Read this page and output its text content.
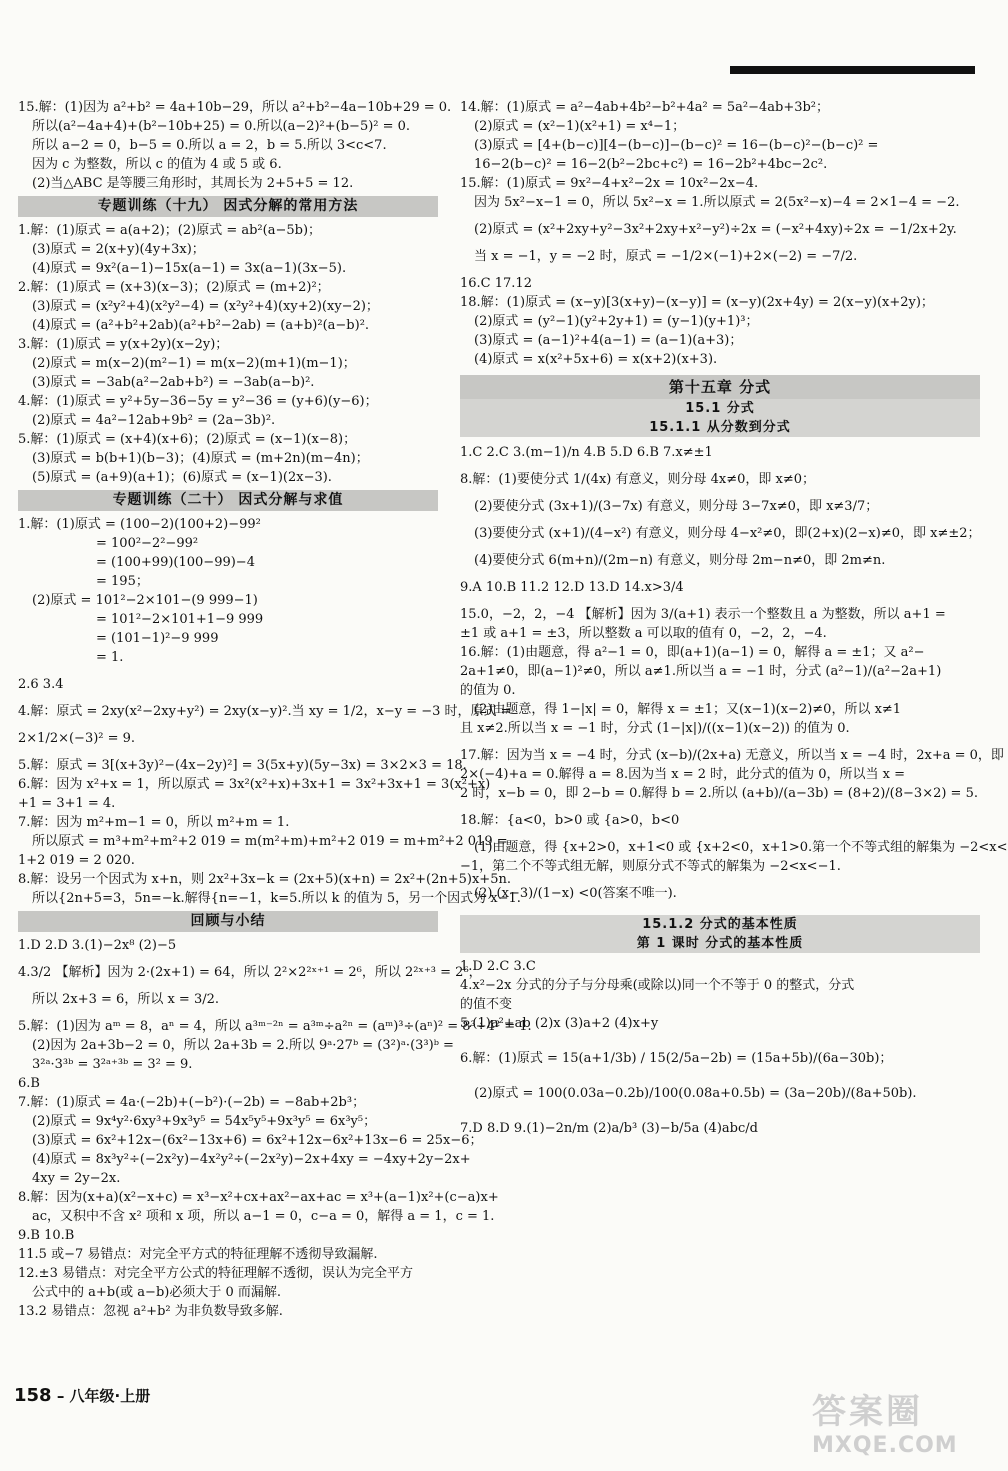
15.解：(1)因为 a²+b² = 4a+10b−29，所以 a²+b²−4a−10b+29 = 0.
所以(a²−4a+4)+(b²−10b+25) = 0.所以(a−2)²+(b−5)² = 0.
所以 a−2 = 0，b−5 = 0.所以 a = 2，b = 5.所以 3<c<7.
因为 c 为整数，所以 c 的值为 4 或 5 或 6.
(2)当△ABC 是等腰三角形时，其周长为 2+5+5 = 12.
专题训练（十九） 因式分解的常用方法
1.解：(1)原式 = a(a+2)；(2)原式 = ab²(a−5b)；
(3)原式 = 2(x+y)(4y+3x)；
(4)原式 = 9x²(a−1)−15x(a−1) = 3x(a−1)(3x−5).
2.解：(1)原式 = (x+3)(x−3)；(2)原式 = (m+2)²；
(3)原式 = (x²y²+4)(x²y²−4) = (x²y²+4)(xy+2)(xy−2)；
(4)原式 = (a²+b²+2ab)(a²+b²−2ab) = (a+b)²(a−b)².
3.解：(1)原式 = y(x+2y)(x−2y)；
(2)原式 = m(x−2)(m²−1) = m(x−2)(m+1)(m−1)；
(3)原式 = −3ab(a²−2ab+b²) = −3ab(a−b)².
4.解：(1)原式 = y²+5y−36−5y = y²−36 = (y+6)(y−6)；
(2)原式 = 4a²−12ab+9b² = (2a−3b)².
5.解：(1)原式 = (x+4)(x+6)；(2)原式 = (x−1)(x−8)；
(3)原式 = b(b+1)(b−3)；(4)原式 = (m+2n)(m−4n)；
(5)原式 = (a+9)(a+1)；(6)原式 = (x−1)(2x−3).
专题训练（二十） 因式分解与求值
1.解：(1)原式 = (100−2)(100+2)−99²
= 100²−2²−99²
= (100+99)(100−99)−4
= 195；
(2)原式 = 101²−2×101−(9 999−1)
= 101²−2×101+1−9 999
= (101−1)²−9 999
= 1.
2.6 3.4
4.解：原式 = 2xy(x²−2xy+y²) = 2xy(x−y)².当 xy = 1/2，x−y = −3 时，原式 =
2×1/2×(−3)² = 9.
5.解：原式 = 3[(x+3y)²−(4x−2y)²] = 3(5x+y)(5y−3x) = 3×2×3 = 18.
6.解：因为 x²+x = 1，所以原式 = 3x²(x²+x)+3x+1 = 3x²+3x+1 = 3(x²+x)
+1 = 3+1 = 4.
7.解：因为 m²+m−1 = 0，所以 m²+m = 1.
所以原式 = m³+m²+m²+2 019 = m(m²+m)+m²+2 019 = m+m²+2 019 =
1+2 019 = 2 020.
8.解：设另一个因式为 x+n，则 2x²+3x−k = (2x+5)(x+n) = 2x²+(2n+5)x+5n.
所以{2n+5=3，5n=−k.解得{n=−1，k=5.所以 k 的值为 5，另一个因式为 x−1.
回顾与小结
1.D 2.D 3.(1)−2x⁸ (2)−5
4.3/2 【解析】因为 2·(2x+1) = 64，所以 2²×2²ˣ⁺¹ = 2⁶，所以 2²ˣ⁺³ = 2⁶，
所以 2x+3 = 6，所以 x = 3/2.
5.解：(1)因为 aᵐ = 8，aⁿ = 4，所以 a³ᵐ⁻²ⁿ = a³ᵐ÷a²ⁿ = (aᵐ)³÷(aⁿ)² = 8³÷4² = 1.
(2)因为 2a+3b−2 = 0，所以 2a+3b = 2.所以 9ᵃ·27ᵇ = (3²)ᵃ·(3³)ᵇ =
3²ᵃ·3³ᵇ = 3²ᵃ⁺³ᵇ = 3² = 9.
6.B
7.解：(1)原式 = 4a·(−2b)+(−b²)·(−2b) = −8ab+2b³；
(2)原式 = 9x⁴y²·6xy³+9x³y⁵ = 54x⁵y⁵+9x³y⁵ = 6x³y⁵；
(3)原式 = 6x²+12x−(6x²−13x+6) = 6x²+12x−6x²+13x−6 = 25x−6；
(4)原式 = 8x³y²÷(−2x²y)−4x²y²÷(−2x²y)−2x+4xy = −4xy+2y−2x+
4xy = 2y−2x.
8.解：因为(x+a)(x²−x+c) = x³−x²+cx+ax²−ax+ac = x³+(a−1)x²+(c−a)x+
ac，又积中不含 x² 项和 x 项，所以 a−1 = 0，c−a = 0，解得 a = 1，c = 1.
9.B 10.B
11.5 或−7 易错点：对完全平方式的特征理解不透彻导致漏解.
12.±3 易错点：对完全平方公式的特征理解不透彻，误认为完全平方
公式中的 a+b(或 a−b)必须大于 0 而漏解.
13.2 易错点：忽视 a²+b² 为非负数导致多解.
14.解：(1)原式 = a²−4ab+4b²−b²+4a² = 5a²−4ab+3b²；
(2)原式 = (x²−1)(x²+1) = x⁴−1；
(3)原式 = [4+(b−c)][4−(b−c)]−(b−c)² = 16−(b−c)²−(b−c)² =
16−2(b−c)² = 16−2(b²−2bc+c²) = 16−2b²+4bc−2c².
15.解：(1)原式 = 9x²−4+x²−2x = 10x²−2x−4.
因为 5x²−x−1 = 0，所以 5x²−x = 1.所以原式 = 2(5x²−x)−4 = 2×1−4 = −2.
(2)原式 = (x²+2xy+y²−3x²+2xy+x²−y²)÷2x = (−x²+4xy)÷2x = −1/2x+2y.
当 x = −1，y = −2 时，原式 = −1/2×(−1)+2×(−2) = −7/2.
16.C 17.12
18.解：(1)原式 = (x−y)[3(x+y)−(x−y)] = (x−y)(2x+4y) = 2(x−y)(x+2y)；
(2)原式 = (y²−1)(y²+2y+1) = (y−1)(y+1)³；
(3)原式 = (a−1)²+4(a−1) = (a−1)(a+3)；
(4)原式 = x(x²+5x+6) = x(x+2)(x+3).
第十五章 分式
15.1 分式
15.1.1 从分数到分式
1.C 2.C 3.(m−1)/n 4.B 5.D 6.B 7.x≠±1
8.解：(1)要使分式 1/(4x) 有意义，则分母 4x≠0，即 x≠0；
(2)要使分式 (3x+1)/(3−7x) 有意义，则分母 3−7x≠0，即 x≠3/7；
(3)要使分式 (x+1)/(4−x²) 有意义，则分母 4−x²≠0，即(2+x)(2−x)≠0，即 x≠±2；
(4)要使分式 6(m+n)/(2m−n) 有意义，则分母 2m−n≠0，即 2m≠n.
9.A 10.B 11.2 12.D 13.D 14.x>3/4
15.0，−2，2，−4 【解析】因为 3/(a+1) 表示一个整数且 a 为整数，所以 a+1 =
±1 或 a+1 = ±3，所以整数 a 可以取的值有 0，−2，2，−4.
16.解：(1)由题意，得 a²−1 = 0，即(a+1)(a−1) = 0，解得 a = ±1；又 a²−
2a+1≠0，即(a−1)²≠0，所以 a≠1.所以当 a = −1 时，分式 (a²−1)/(a²−2a+1)
的值为 0.
(2)由题意，得 1−|x| = 0，解得 x = ±1；又(x−1)(x−2)≠0，所以 x≠1
且 x≠2.所以当 x = −1 时，分式 (1−|x|)/((x−1)(x−2)) 的值为 0.
17.解：因为当 x = −4 时，分式 (x−b)/(2x+a) 无意义，所以当 x = −4 时，2x+a = 0，即
2×(−4)+a = 0.解得 a = 8.因为当 x = 2 时，此分式的值为 0，所以当 x =
2 时，x−b = 0，即 2−b = 0.解得 b = 2.所以 (a+b)/(a−3b) = (8+2)/(8−3×2) = 5.
18.解：{a<0，b>0 或 {a>0，b<0
(1)由题意，得 {x+2>0，x+1<0 或 {x+2<0，x+1>0.第一个不等式组的解集为 −2<x<
−1，第二个不等式组无解，则原分式不等式的解集为 −2<x<−1.
(2) (x−3)/(1−x) <0(答案不唯一).
15.1.2 分式的基本性质
第 1 课时 分式的基本性质
1.D 2.C 3.C
4.x²−2x 分式的分子与分母乘(或除以)同一个不等于 0 的整式，分式
的值不变
5.(1)a²+ab (2)x (3)a+2 (4)x+y
6.解：(1)原式 = 15(a+1/3b) / 15(2/5a−2b) = (15a+5b)/(6a−30b)；
(2)原式 = 100(0.03a−0.2b)/100(0.08a+0.5b) = (3a−20b)/(8a+50b).
7.D 8.D 9.(1)−2n/m (2)a/b³ (3)−b/5a (4)abc/d
158 – 八年级·上册	答案圈
MXQE.COM
